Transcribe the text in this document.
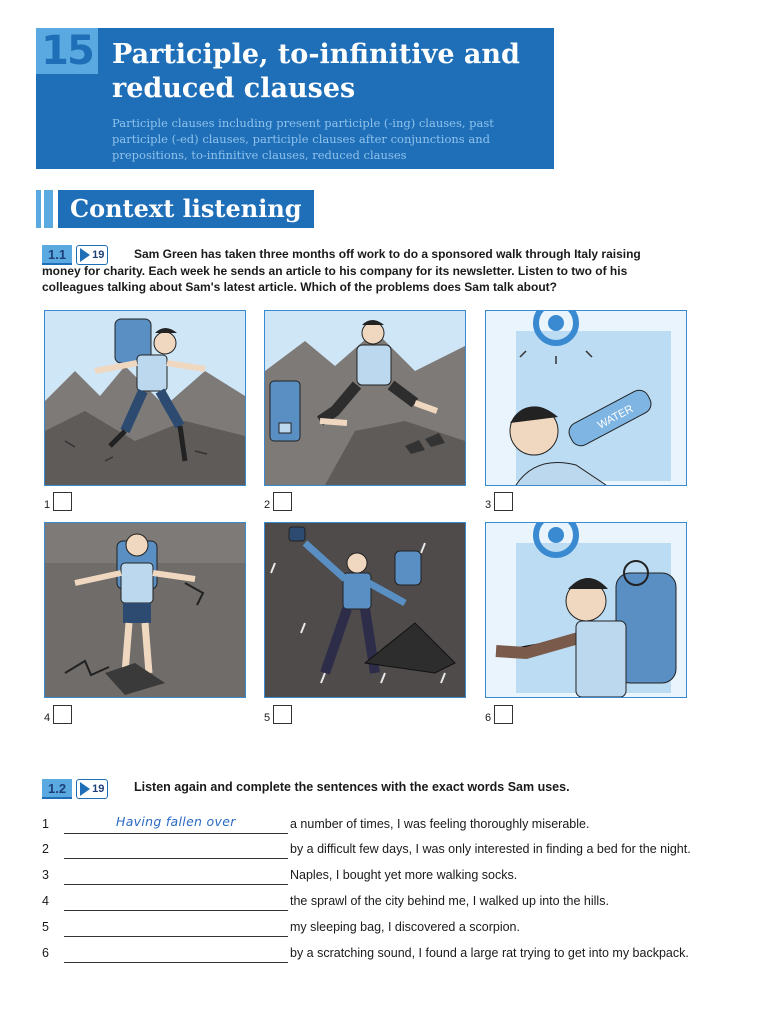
15 Participle, to-infinitive and reduced clauses
Participle clauses including present participle (-ing) clauses, past participle (-ed) clauses, participle clauses after conjunctions and prepositions, to-infinitive clauses, reduced clauses
Context listening
1.1	19	Sam Green has taken three months off work to do a sponsored walk through Italy raising money for charity. Each week he sends an article to his company for its newsletter. Listen to two of his colleagues talking about Sam's latest article. Which of the problems does Sam talk about?
1	2
WATER
3
4	5	6
1.2	19 Listen again and complete the sentences with the exact words Sam uses.
1	Having fallen over	a number of times, I was feeling thoroughly miserable.
2	by a difficult few days, I was only interested in finding a bed for the night.
3	Naples, I bought yet more walking socks.
4	the sprawl of the city behind me, I walked up into the hills.
5	my sleeping bag, I discovered a scorpion.
6	by a scratching sound, I found a large rat trying to get into my backpack.
